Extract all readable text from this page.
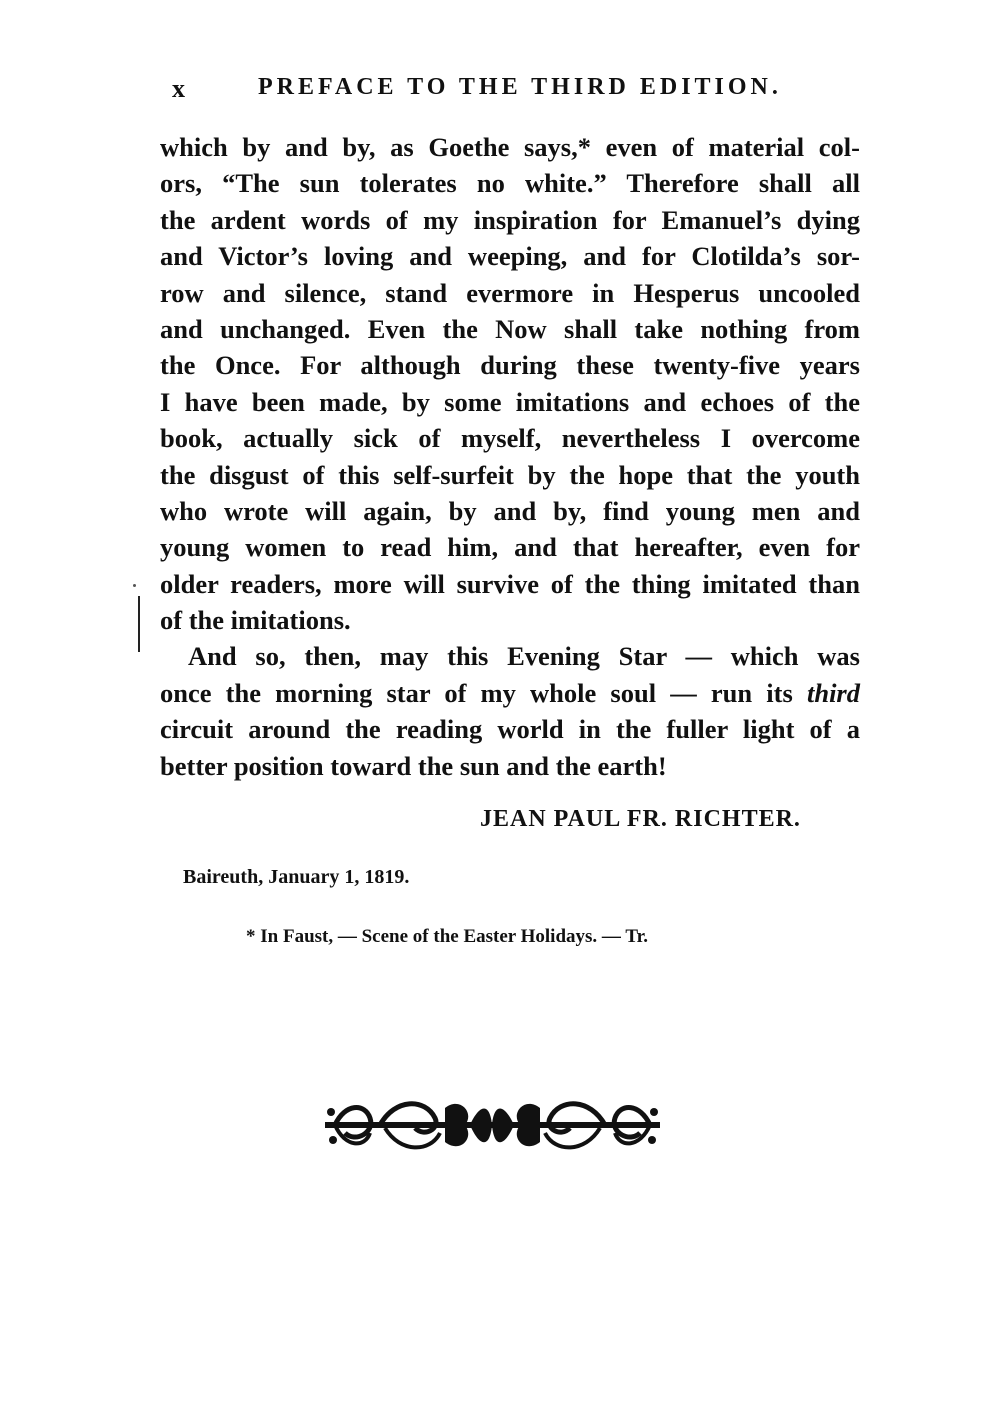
x	PREFACE TO THE THIRD EDITION.
which by and by, as Goethe says,* even of material col-
ors, “The sun tolerates no white.” Therefore shall all
the ardent words of my inspiration for Emanuel’s dying
and Victor’s loving and weeping, and for Clotilda’s sor-
row and silence, stand evermore in Hesperus uncooled
and unchanged. Even the Now shall take nothing from
the Once. For although during these twenty-five years
I have been made, by some imitations and echoes of the
book, actually sick of myself, nevertheless I overcome
the disgust of this self-surfeit by the hope that the youth
who wrote will again, by and by, find young men and
young women to read him, and that hereafter, even for
older readers, more will survive of the thing imitated than
of the imitations.
And so, then, may this Evening Star — which was
once the morning star of my whole soul — run its third
circuit around the reading world in the fuller light of a
better position toward the sun and the earth!
JEAN PAUL FR. RICHTER.
Baireuth, January 1, 1819.
* In Faust, — Scene of the Easter Holidays. — Tr.
